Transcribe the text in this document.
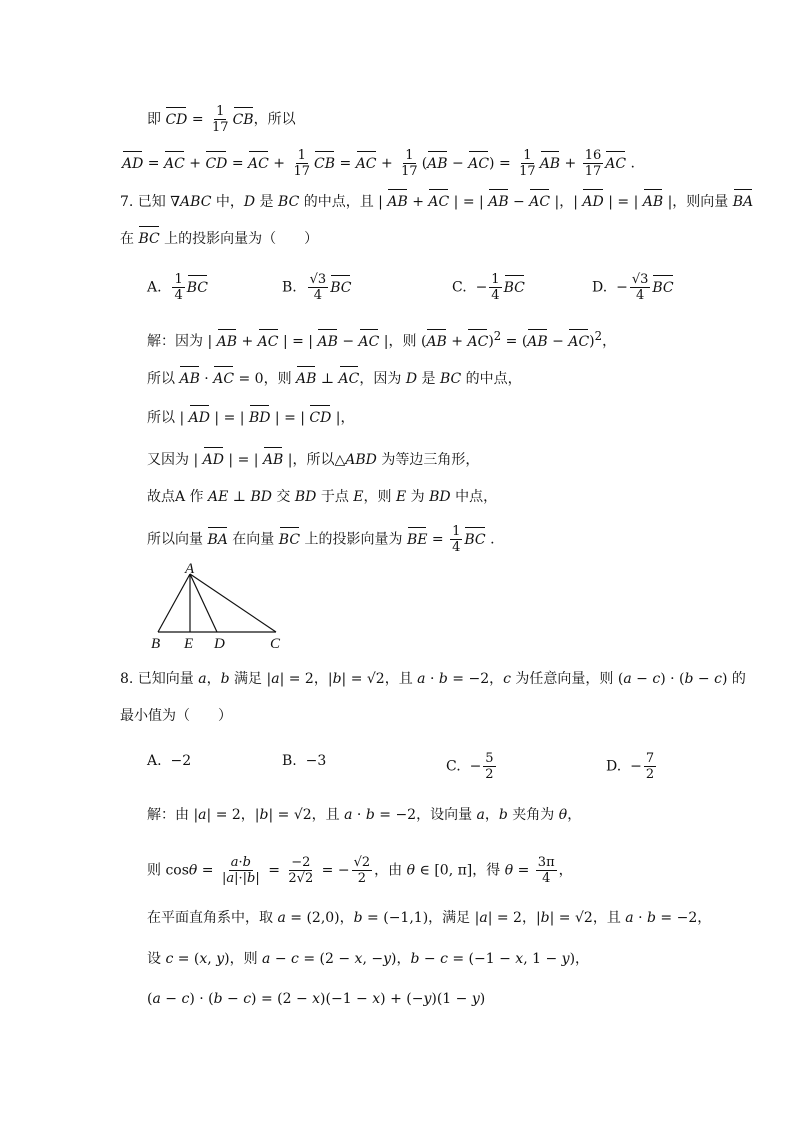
即 CD = $\frac{1}{17}$ CB，所以
AD = AC + CD = AC + $\frac{1}{17}$ CB = AC + $\frac{1}{17} (AB - AC) = \frac{1}{17}$ AB + $\frac{16}{17}$ AC .
7. 已知 ∇ABC 中，D 是 BC 的中点，且 | AB + AC | = | AB − AC |，| AD | = | AB |，则向量 BA
在 BC 上的投影向量为（　　）
A. $\frac{1}{4}$ BC	B. $\frac{√3}{4}$ BC	C.  − $\frac{1}{4}$ BC	D.  − $\frac{√3}{4}$ BC
解：因为 | AB + AC | = | AB − AC |，则 (AB + AC)$^2$ = (AB − AC)$^2$，
所以 AB · AC = 0，则 AB ⊥ AC，因为 D 是 BC 的中点，
所以 | AD | = | BD | = | CD |，
又因为 | AD | = | AB |，所以△ABD 为等边三角形，
故点A 作 AE ⊥ BD 交 BD 于点 E，则 E 为 BD 中点，
所以向量 BA 在向量 BC 上的投影向量为 BE = $\frac{1}{4}$ BC .
A
B E D	C
8. 已知向量 a，b 满足 |a| = 2，|b| = √2，且 a · b = −2，c 为任意向量，则 (a − c) · (b − c) 的
最小值为（　　）
A.  −2	B.  −3	C.  − $\frac{5}{2}$	D.  − $\frac{7}{2}$
解：由 |a| = 2，|b| = √2，且 a · b = −2，设向量 a，b 夹角为 θ，
则 $\cos\theta = \frac{a\cdot b}{|a|\cdot|b|} = \frac{-2}{2√2}$ = − $\frac{√2}{2}$ ，由 θ ∈ [0, π]，得 $\theta = \frac{3\pi}{4}$ ，
在平面直角系中，取 a = (2,0)，b = (−1,1)，满足 |a| = 2，|b| = √2，且 a · b = −2，
设 c = (x, y)，则 a − c = (2 − x, −y)，b − c = (−1 − x, 1 − y)，
(a − c) · (b − c) = (2 − x)(−1 − x) + (−y)(1 − y)
